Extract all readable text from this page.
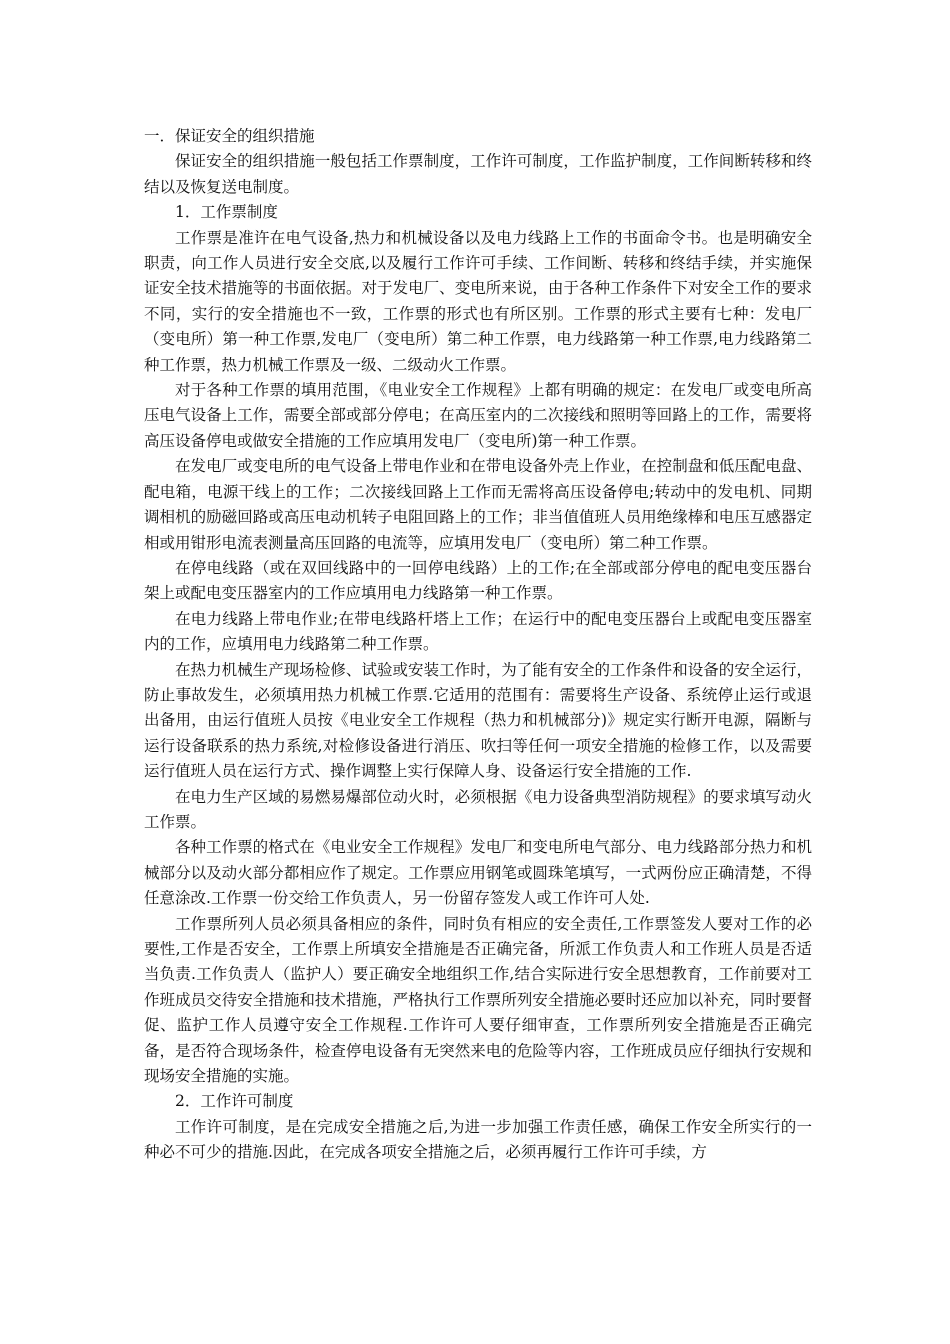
一．保证安全的组织措施

保证安全的组织措施一般包括工作票制度，工作许可制度，工作监护制度，工作间断转移和终结以及恢复送电制度。

1．工作票制度

工作票是准许在电气设备,热力和机械设备以及电力线路上工作的书面命令书。也是明确安全职责，向工作人员进行安全交底,以及履行工作许可手续、工作间断、转移和终结手续，并实施保证安全技术措施等的书面依据。对于发电厂、变电所来说，由于各种工作条件下对安全工作的要求不同，实行的安全措施也不一致，工作票的形式也有所区别。工作票的形式主要有七种：发电厂（变电所）第一种工作票,发电厂（变电所）第二种工作票，电力线路第一种工作票,电力线路第二种工作票，热力机械工作票及一级、二级动火工作票。

对于各种工作票的填用范围，《电业安全工作规程》上都有明确的规定：在发电厂或变电所高压电气设备上工作，需要全部或部分停电；在高压室内的二次接线和照明等回路上的工作，需要将高压设备停电或做安全措施的工作应填用发电厂（变电所)第一种工作票。

在发电厂或变电所的电气设备上带电作业和在带电设备外壳上作业，在控制盘和低压配电盘、配电箱，电源干线上的工作；二次接线回路上工作而无需将高压设备停电;转动中的发电机、同期调相机的励磁回路或高压电动机转子电阻回路上的工作；非当值值班人员用绝缘棒和电压互感器定相或用钳形电流表测量高压回路的电流等，应填用发电厂（变电所）第二种工作票。

在停电线路（或在双回线路中的一回停电线路）上的工作;在全部或部分停电的配电变压器台架上或配电变压器室内的工作应填用电力线路第一种工作票。

在电力线路上带电作业;在带电线路杆塔上工作；在运行中的配电变压器台上或配电变压器室内的工作，应填用电力线路第二种工作票。

在热力机械生产现场检修、试验或安装工作时，为了能有安全的工作条件和设备的安全运行，防止事故发生，必须填用热力机械工作票.它适用的范围有：需要将生产设备、系统停止运行或退出备用，由运行值班人员按《电业安全工作规程（热力和机械部分)》规定实行断开电源，隔断与运行设备联系的热力系统,对检修设备进行消压、吹扫等任何一项安全措施的检修工作，以及需要运行值班人员在运行方式、操作调整上实行保障人身、设备运行安全措施的工作.

在电力生产区域的易燃易爆部位动火时，必须根据《电力设备典型消防规程》的要求填写动火工作票。

各种工作票的格式在《电业安全工作规程》发电厂和变电所电气部分、电力线路部分热力和机械部分以及动火部分都相应作了规定。工作票应用钢笔或圆珠笔填写，一式两份应正确清楚，不得任意涂改.工作票一份交给工作负责人，另一份留存签发人或工作许可人处.

工作票所列人员必须具备相应的条件，同时负有相应的安全责任,工作票签发人要对工作的必要性,工作是否安全，工作票上所填安全措施是否正确完备，所派工作负责人和工作班人员是否适当负责.工作负责人（监护人）要正确安全地组织工作,结合实际进行安全思想教育，工作前要对工作班成员交待安全措施和技术措施，严格执行工作票所列安全措施必要时还应加以补充，同时要督促、监护工作人员遵守安全工作规程.工作许可人要仔细审查，工作票所列安全措施是否正确完备，是否符合现场条件，检查停电设备有无突然来电的危险等内容，工作班成员应仔细执行安规和现场安全措施的实施。

2．工作许可制度

工作许可制度，是在完成安全措施之后,为进一步加强工作责任感，确保工作安全所实行的一种必不可少的措施.因此，在完成各项安全措施之后，必须再履行工作许可手续，方
